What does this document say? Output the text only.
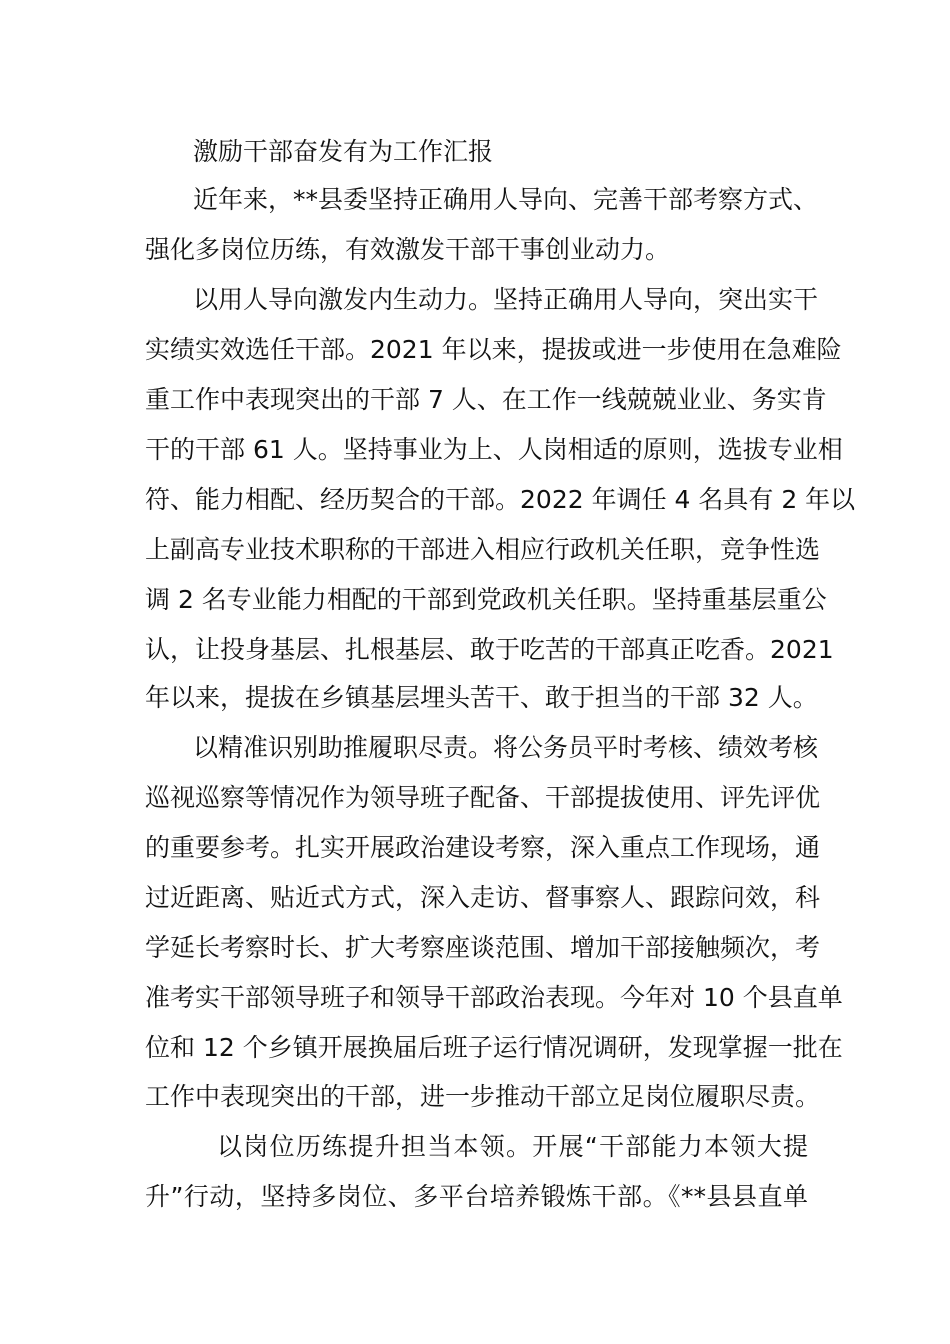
激励干部奋发有为工作汇报
近年来，**县委坚持正确用人导向、完善干部考察方式、
强化多岗位历练，有效激发干部干事创业动力。
以用人导向激发内生动力。坚持正确用人导向，突出实干
实绩实效选任干部。2021 年以来，提拔或进一步使用在急难险
重工作中表现突出的干部 7 人、在工作一线兢兢业业、务实肯
干的干部 61 人。坚持事业为上、人岗相适的原则，选拔专业相
符、能力相配、经历契合的干部。2022 年调任 4 名具有 2 年以
上副高专业技术职称的干部进入相应行政机关任职，竞争性选
调 2 名专业能力相配的干部到党政机关任职。坚持重基层重公
认，让投身基层、扎根基层、敢于吃苦的干部真正吃香。2021
年以来，提拔在乡镇基层埋头苦干、敢于担当的干部 32 人。
以精准识别助推履职尽责。将公务员平时考核、绩效考核
巡视巡察等情况作为领导班子配备、干部提拔使用、评先评优
的重要参考。扎实开展政治建设考察，深入重点工作现场，通
过近距离、贴近式方式，深入走访、督事察人、跟踪问效，科
学延长考察时长、扩大考察座谈范围、增加干部接触频次，考
准考实干部领导班子和领导干部政治表现。今年对 10 个县直单
位和 12 个乡镇开展换届后班子运行情况调研，发现掌握一批在
工作中表现突出的干部，进一步推动干部立足岗位履职尽责。
以岗位历练提升担当本领。开展“干部能力本领大提
升”行动，坚持多岗位、多平台培养锻炼干部。《**县县直单
